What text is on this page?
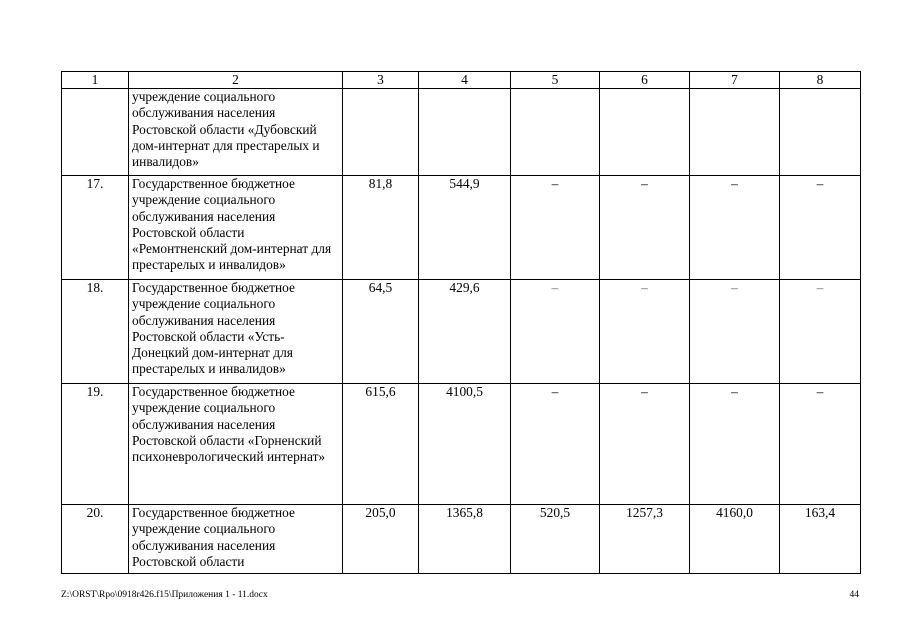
1	2	3	4	5	6	7	8
	учреждение социального обслуживания населения Ростовской области «Дубовский дом-интернат для престарелых и инвалидов»						
17.	Государственное бюджетное учреждение социального обслуживания населения Ростовской области «Ремонтненский дом-интернат для престарелых и инвалидов»	81,8	544,9	–	–	–	–
18.	Государственное бюджетное учреждение социального обслуживания населения Ростовской области «Усть-Донецкий дом-интернат для престарелых и инвалидов»	64,5	429,6	–	–	–	–
19.	Государственное бюджетное учреждение социального обслуживания населения Ростовской области «Горненский психоневрологический интернат»	615,6	4100,5	–	–	–	–
20.	Государственное бюджетное учреждение социального обслуживания населения Ростовской области	205,0	1365,8	520,5	1257,3	4160,0	163,4
Z:\ORST\Rpo\0918r426.f15\Приложения 1 - 11.docx	44
